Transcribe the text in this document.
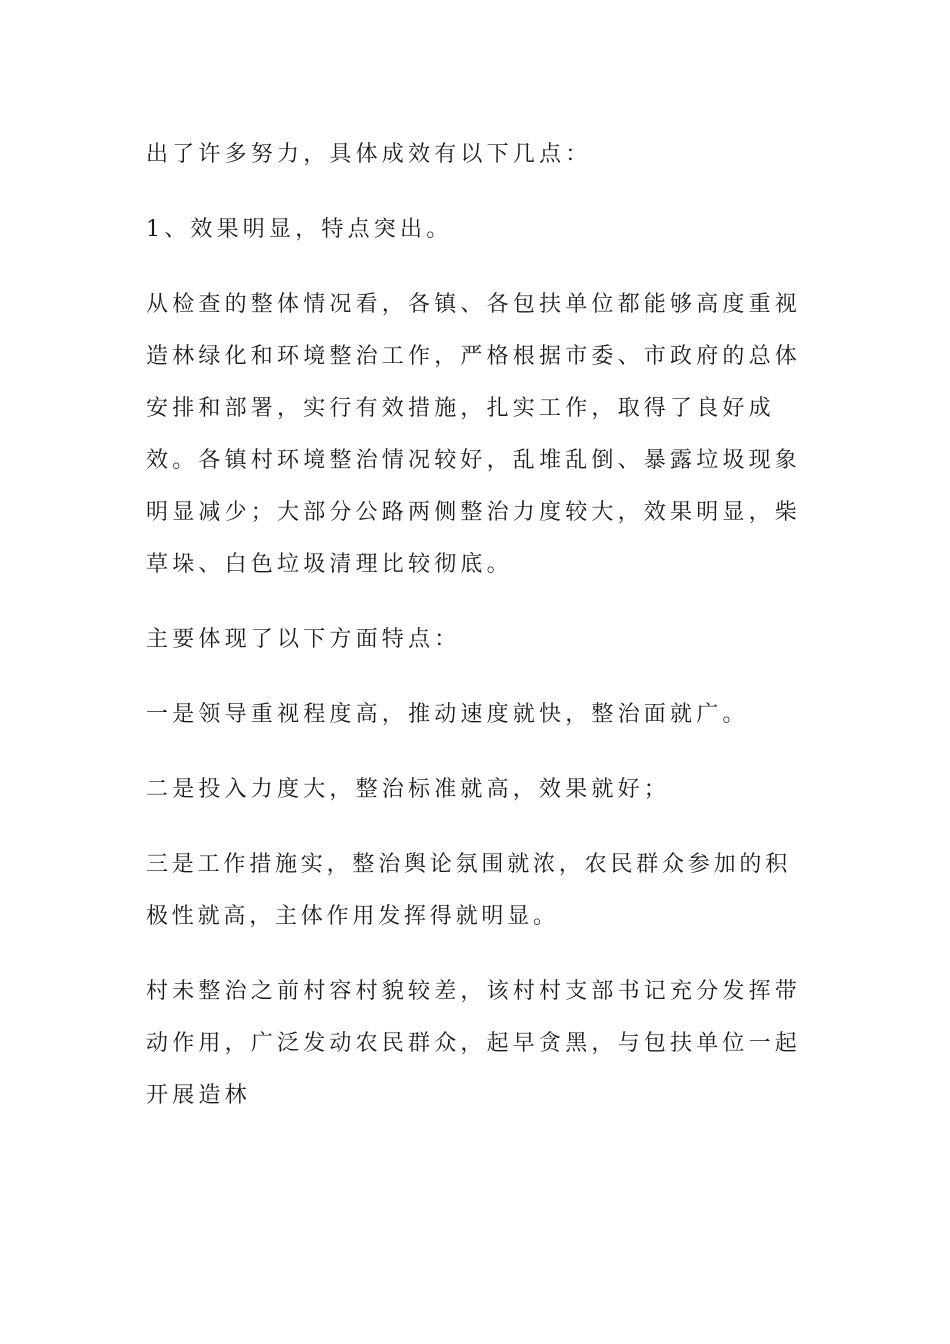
出了许多努力，具体成效有以下几点：

1、效果明显，特点突出。

从检查的整体情况看，各镇、各包扶单位都能够高度重视造林绿化和环境整治工作，严格根据市委、市政府的总体安排和部署，实行有效措施，扎实工作，取得了良好成效。各镇村环境整治情况较好，乱堆乱倒、暴露垃圾现象明显减少；大部分公路两侧整治力度较大，效果明显，柴草垛、白色垃圾清理比较彻底。

主要体现了以下方面特点：

一是领导重视程度高，推动速度就快，整治面就广。

二是投入力度大，整治标准就高，效果就好；

三是工作措施实，整治舆论氛围就浓，农民群众参加的积极性就高，主体作用发挥得就明显。

村未整治之前村容村貌较差，该村村支部书记充分发挥带动作用，广泛发动农民群众，起早贪黑，与包扶单位一起开展造林
